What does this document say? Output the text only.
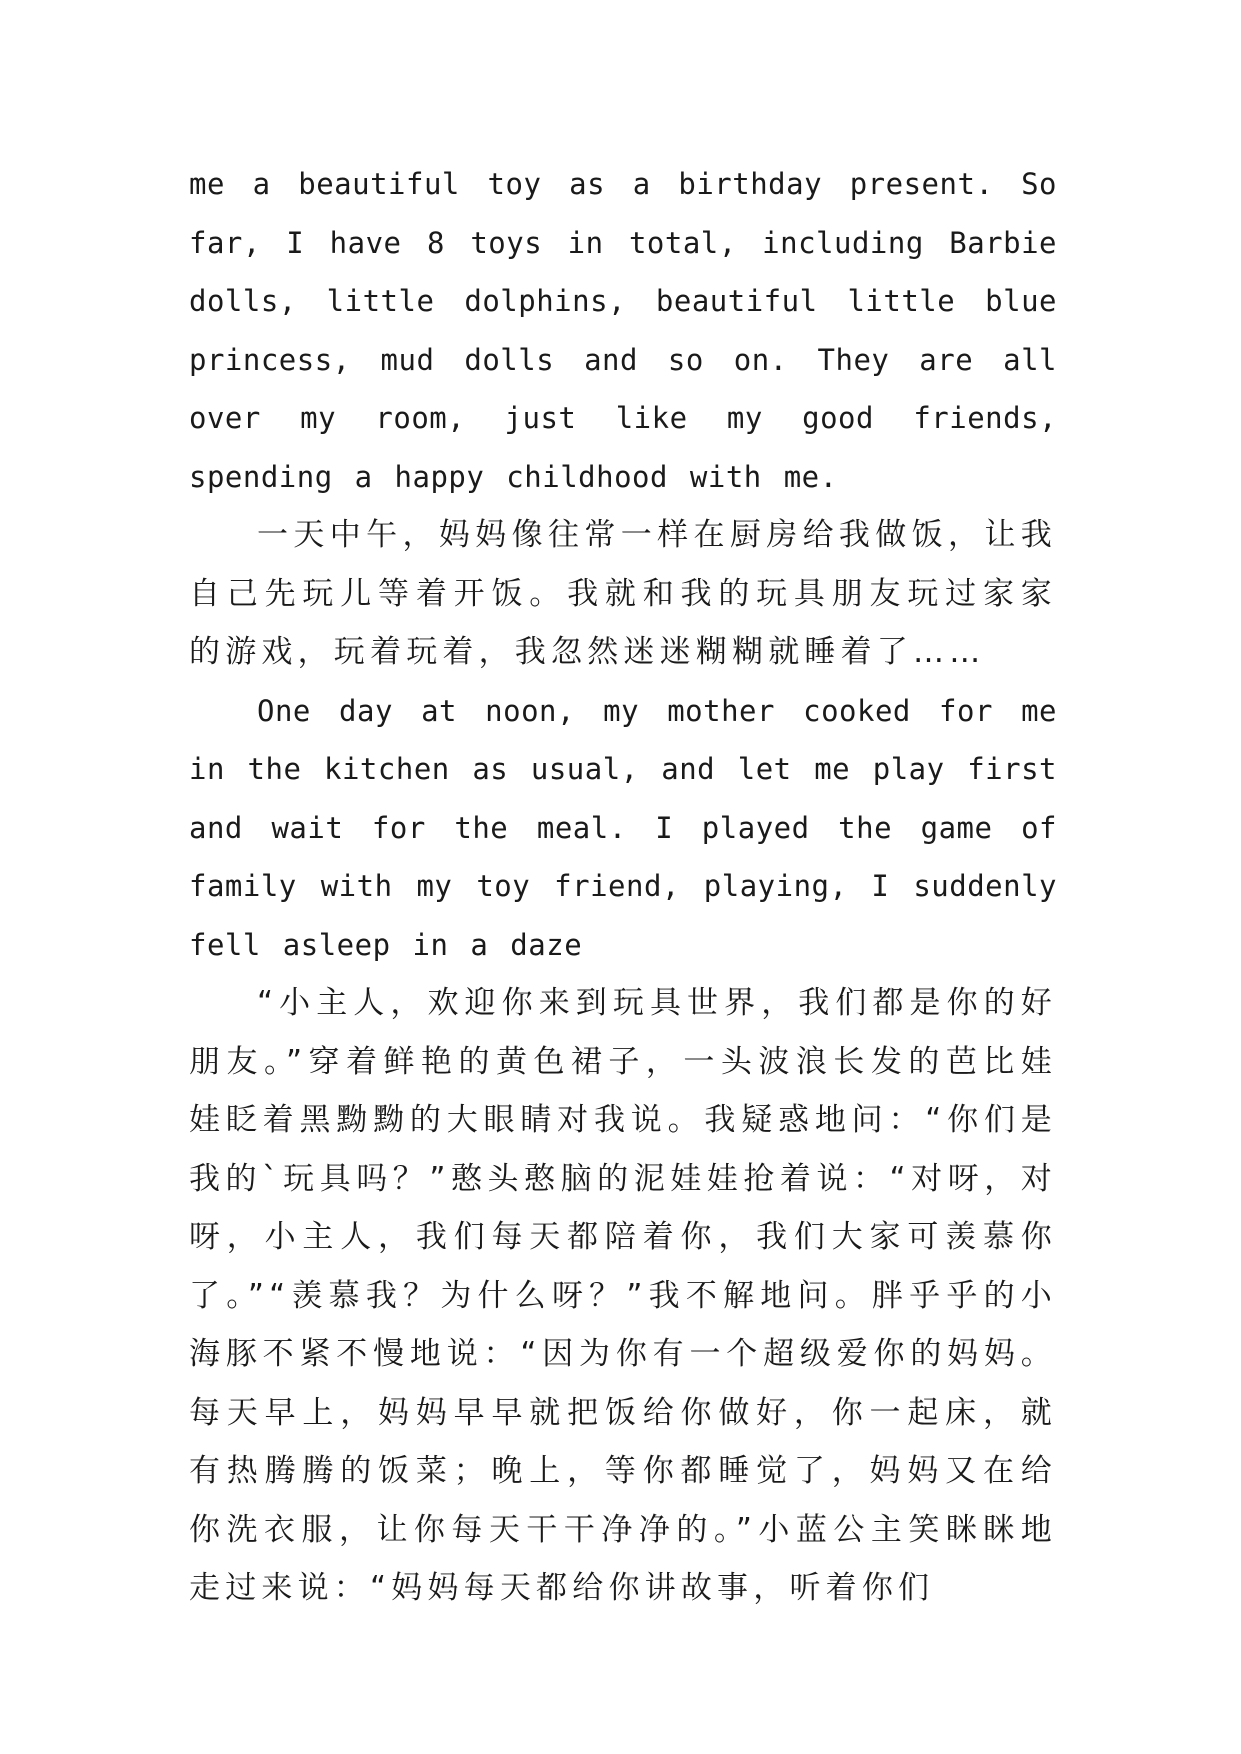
me a beautiful toy as a birthday present. So far, I have 8 toys in total, including Barbie dolls, little dolphins, beautiful little blue princess, mud dolls and so on. They are all over my room, just like my good friends, spending a happy childhood with me.

一天中午，妈妈像往常一样在厨房给我做饭，让我自己先玩儿等着开饭。我就和我的玩具朋友玩过家家的游戏，玩着玩着，我忽然迷迷糊糊就睡着了……

One day at noon, my mother cooked for me in the kitchen as usual, and let me play first and wait for the meal. I played the game of family with my toy friend, playing, I suddenly fell asleep in a daze

“小主人，欢迎你来到玩具世界，我们都是你的好朋友。”穿着鲜艳的黄色裙子，一头波浪长发的芭比娃娃眨着黑黝黝的大眼睛对我说。我疑惑地问：“你们是我的`玩具吗？”憨头憨脑的泥娃娃抢着说：“对呀，对呀，小主人，我们每天都陪着你，我们大家可羡慕你了。”“羡慕我？为什么呀？”我不解地问。胖乎乎的小海豚不紧不慢地说：“因为你有一个超级爱你的妈妈。每天早上，妈妈早早就把饭给你做好，你一起床，就有热腾腾的饭菜；晚上，等你都睡觉了，妈妈又在给你洗衣服，让你每天干干净净的。”小蓝公主笑眯眯地走过来说：“妈妈每天都给你讲故事，听着你们
